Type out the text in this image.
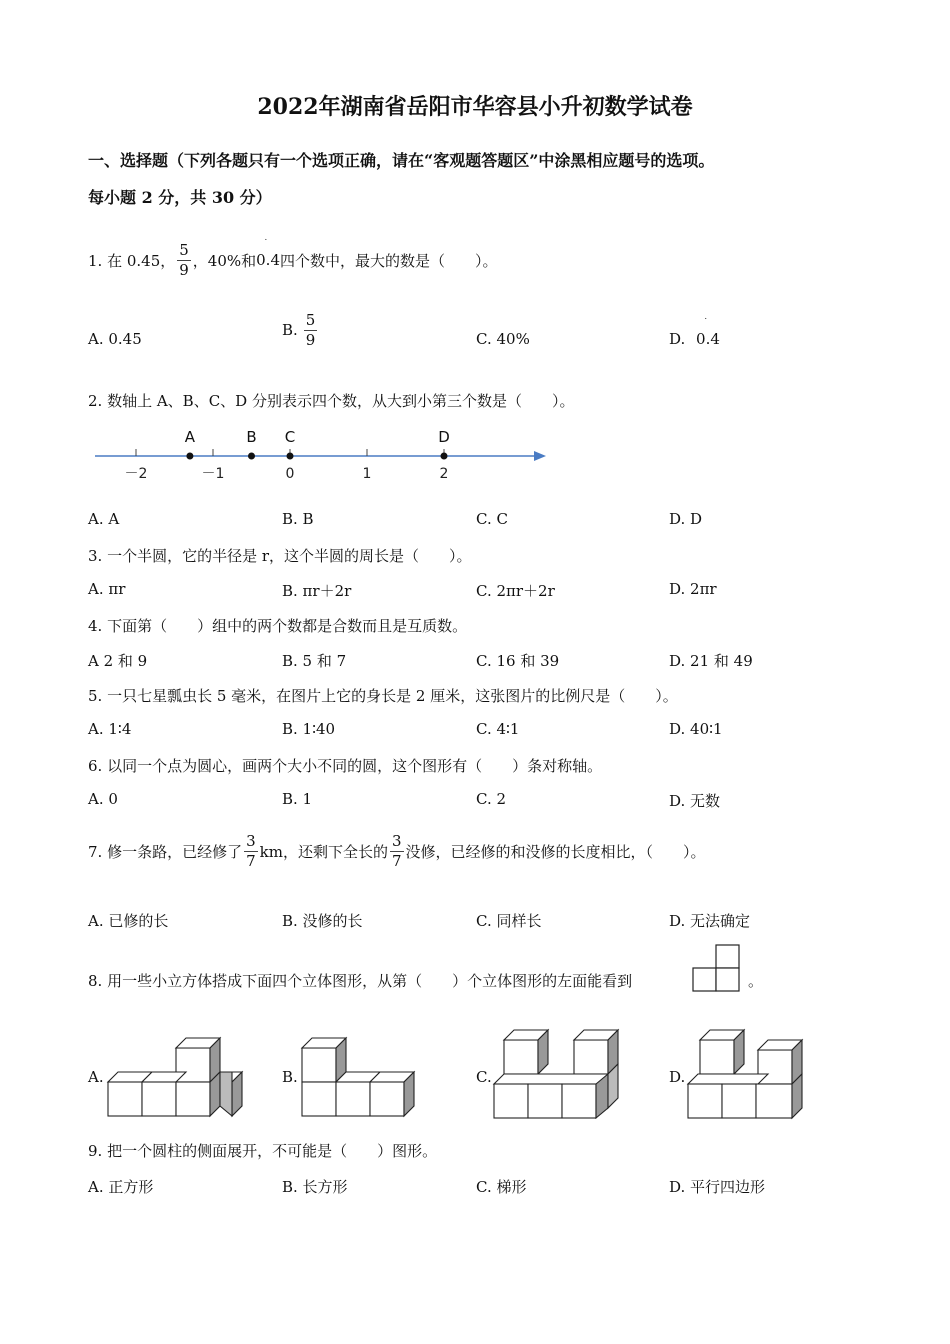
2022年湖南省岳阳市华容县小升初数学试卷
一、选择题（下列各题只有一个选项正确，请在“客观题答题区”中涂黑相应题号的选项。
每小题 2 分，共 30 分）
1. 在 0.45， $\frac{5}{9}$ ，40%和 0.4 四个数中，最大的数是（　　）。
A. 0.45	B. $\frac{5}{9}$	C. 40%	D. 0.4
2. 数轴上 A、B、C、D 分别表示四个数，从大到小第三个数是（　　）。
－2	－1	0	1	2
A	B C	D
A. A	B. B	C. C	D. D
3. 一个半圆，它的半径是 r，这个半圆的周长是（　　）。
A. πr	B. πr＋2r	C. 2πr＋2r	D. 2πr
4. 下面第（　　）组中的两个数都是合数而且是互质数。
A 2 和 9	B. 5 和 7	C. 16 和 39	D. 21 和 49
5. 一只七星瓢虫长 5 毫米，在图片上它的身长是 2 厘米，这张图片的比例尺是（　　）。
A. 1∶4	B. 1∶40	C. 4∶1	D. 40∶1
6. 以同一个点为圆心，画两个大小不同的圆，这个图形有（　　）条对称轴。
A. 0	B. 1	C. 2	D. 无数
7. 修一条路，已经修了 $\frac{3}{7}$ km，还剩下全长的 $\frac{3}{7}$ 没修，已经修的和没修的长度相比，（　　）。
A. 已修的长	B. 没修的长	C. 同样长	D. 无法确定
8. 用一些小立方体搭成下面四个立体图形，从第（　　）个立体图形的左面能看到	。
A.	B.	C.	D.
9. 把一个圆柱的侧面展开，不可能是（　　）图形。
A. 正方形	B. 长方形	C. 梯形	D. 平行四边形
